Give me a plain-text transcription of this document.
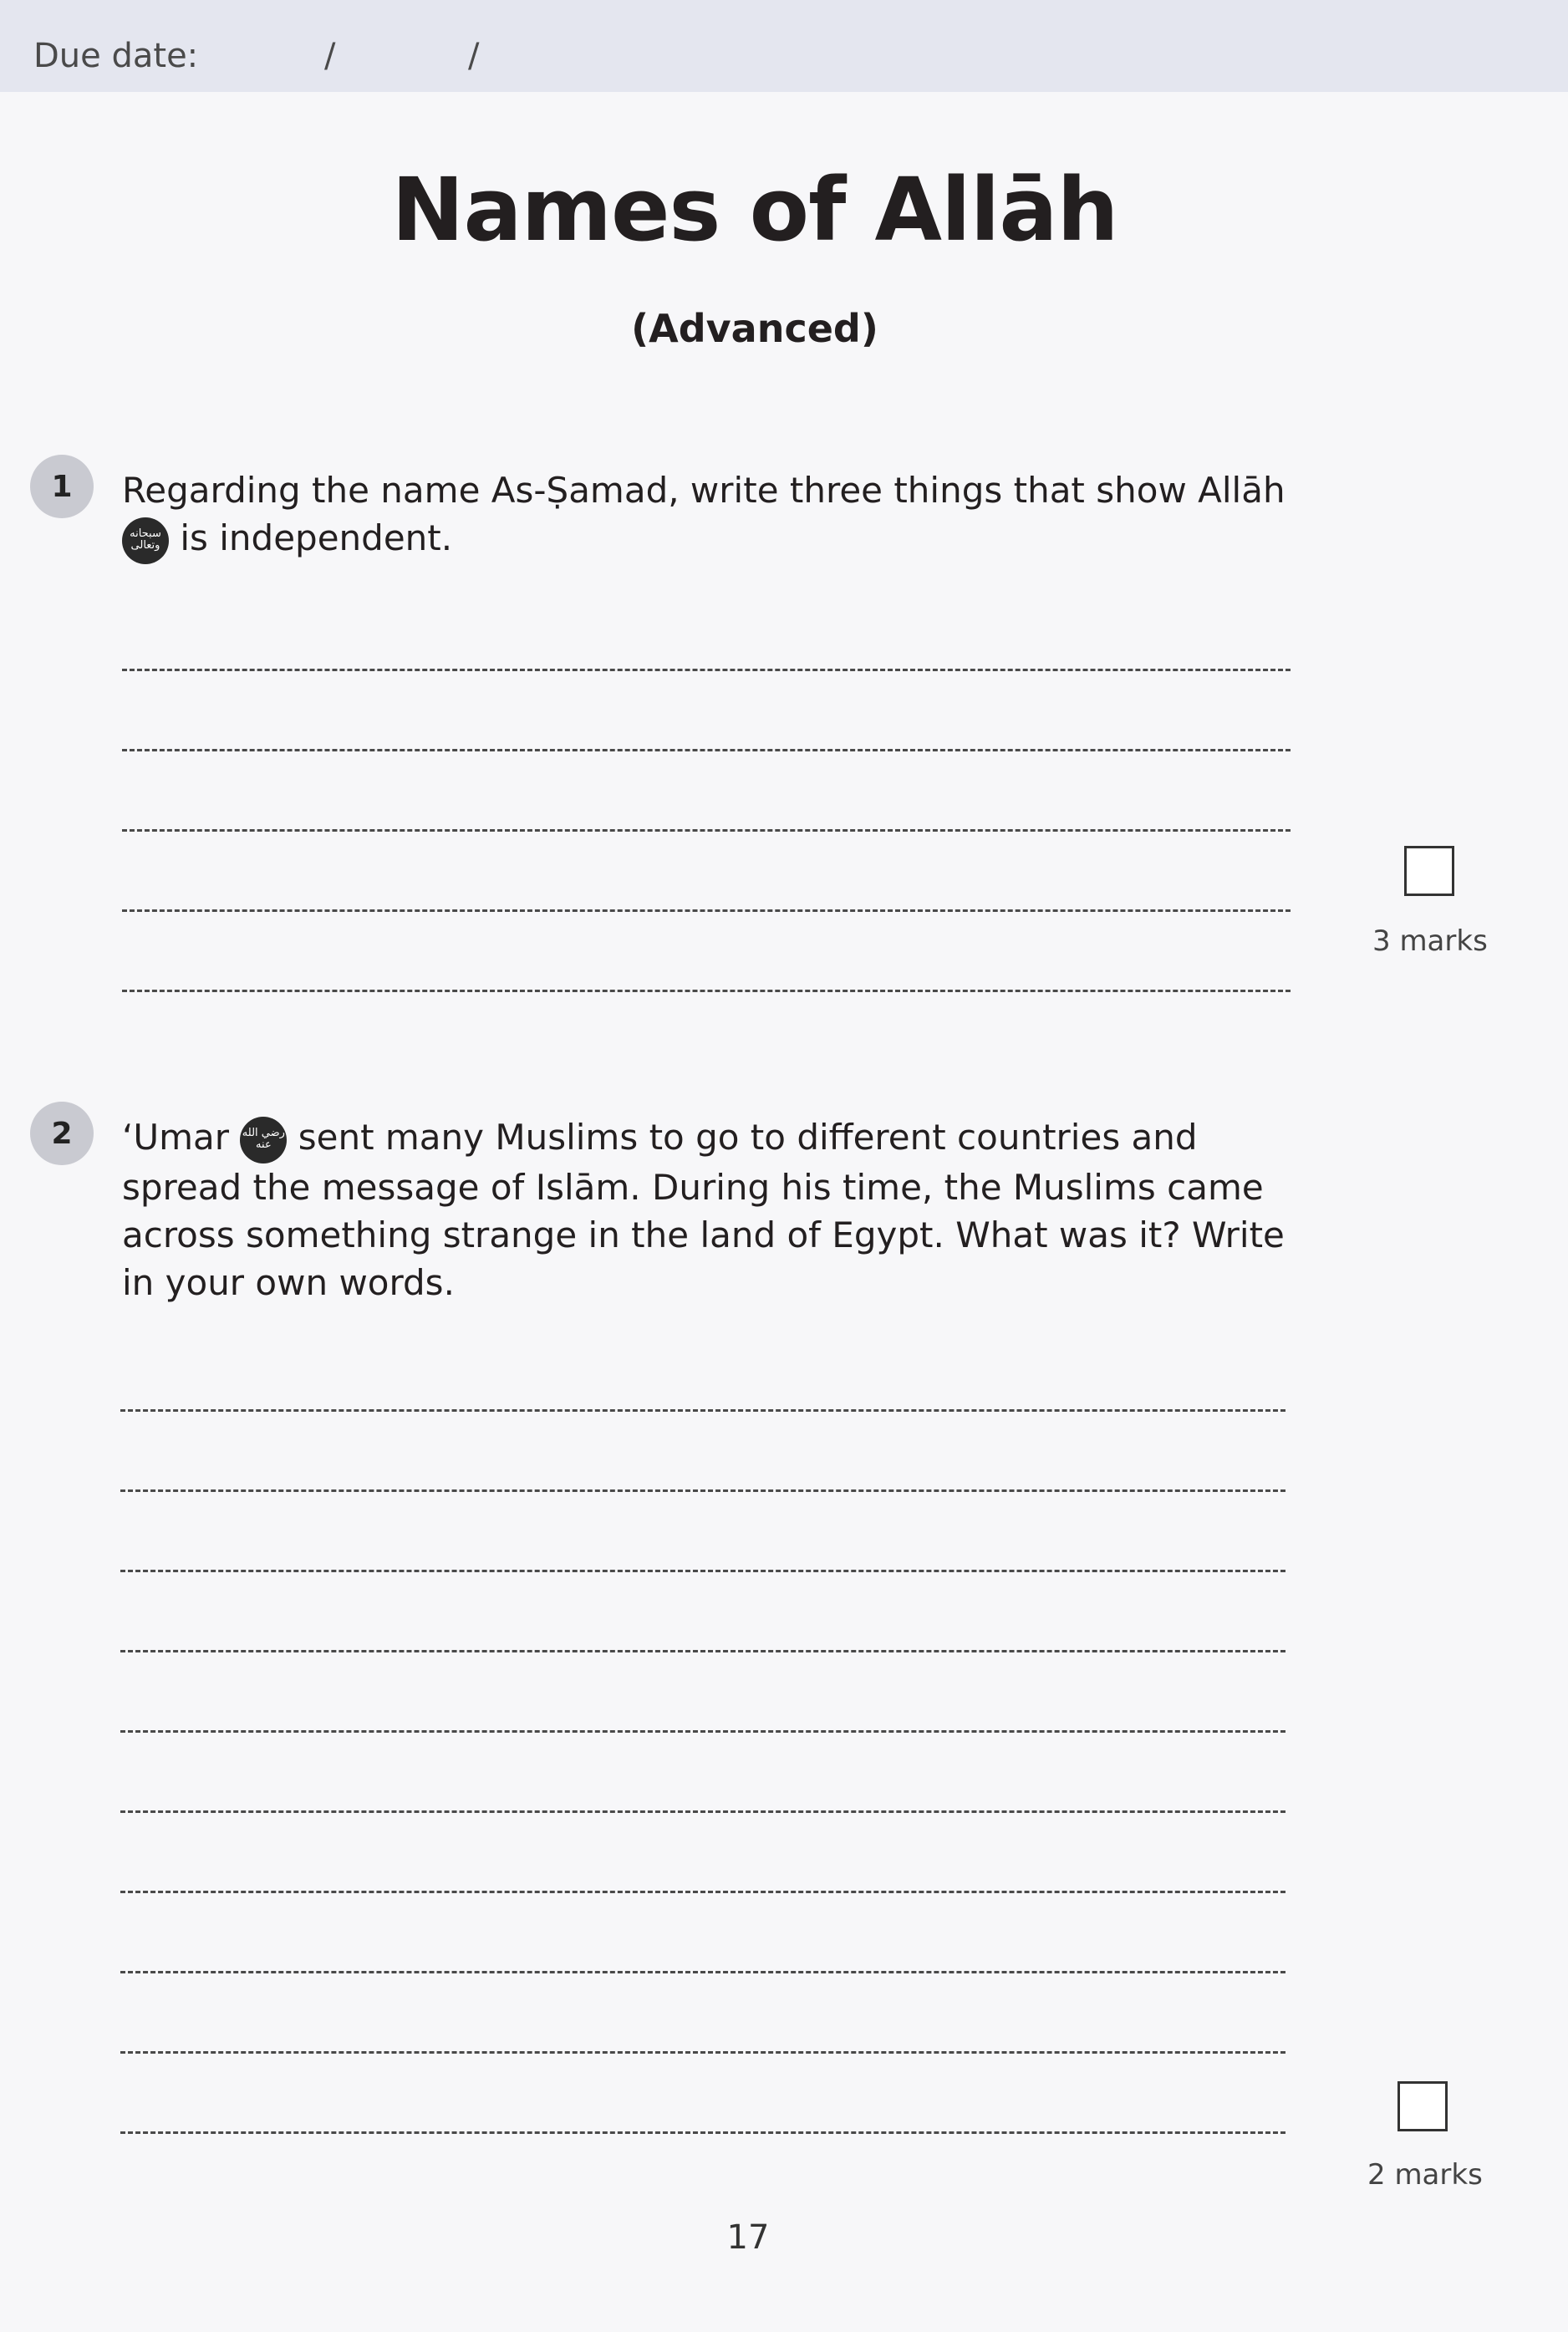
Due date:	/	/
Names of Allāh
(Advanced)
1	Regarding the name As-Ṣamad, write three things that show Allāh
سبحانه وتعالى is independent.
3 marks
2	‘Umar رضي الله عنه sent many Muslims to go to different countries and spread the message of Islām. During his time, the Muslims came across something strange in the land of Egypt. What was it? Write in your own words.
2 marks
17
